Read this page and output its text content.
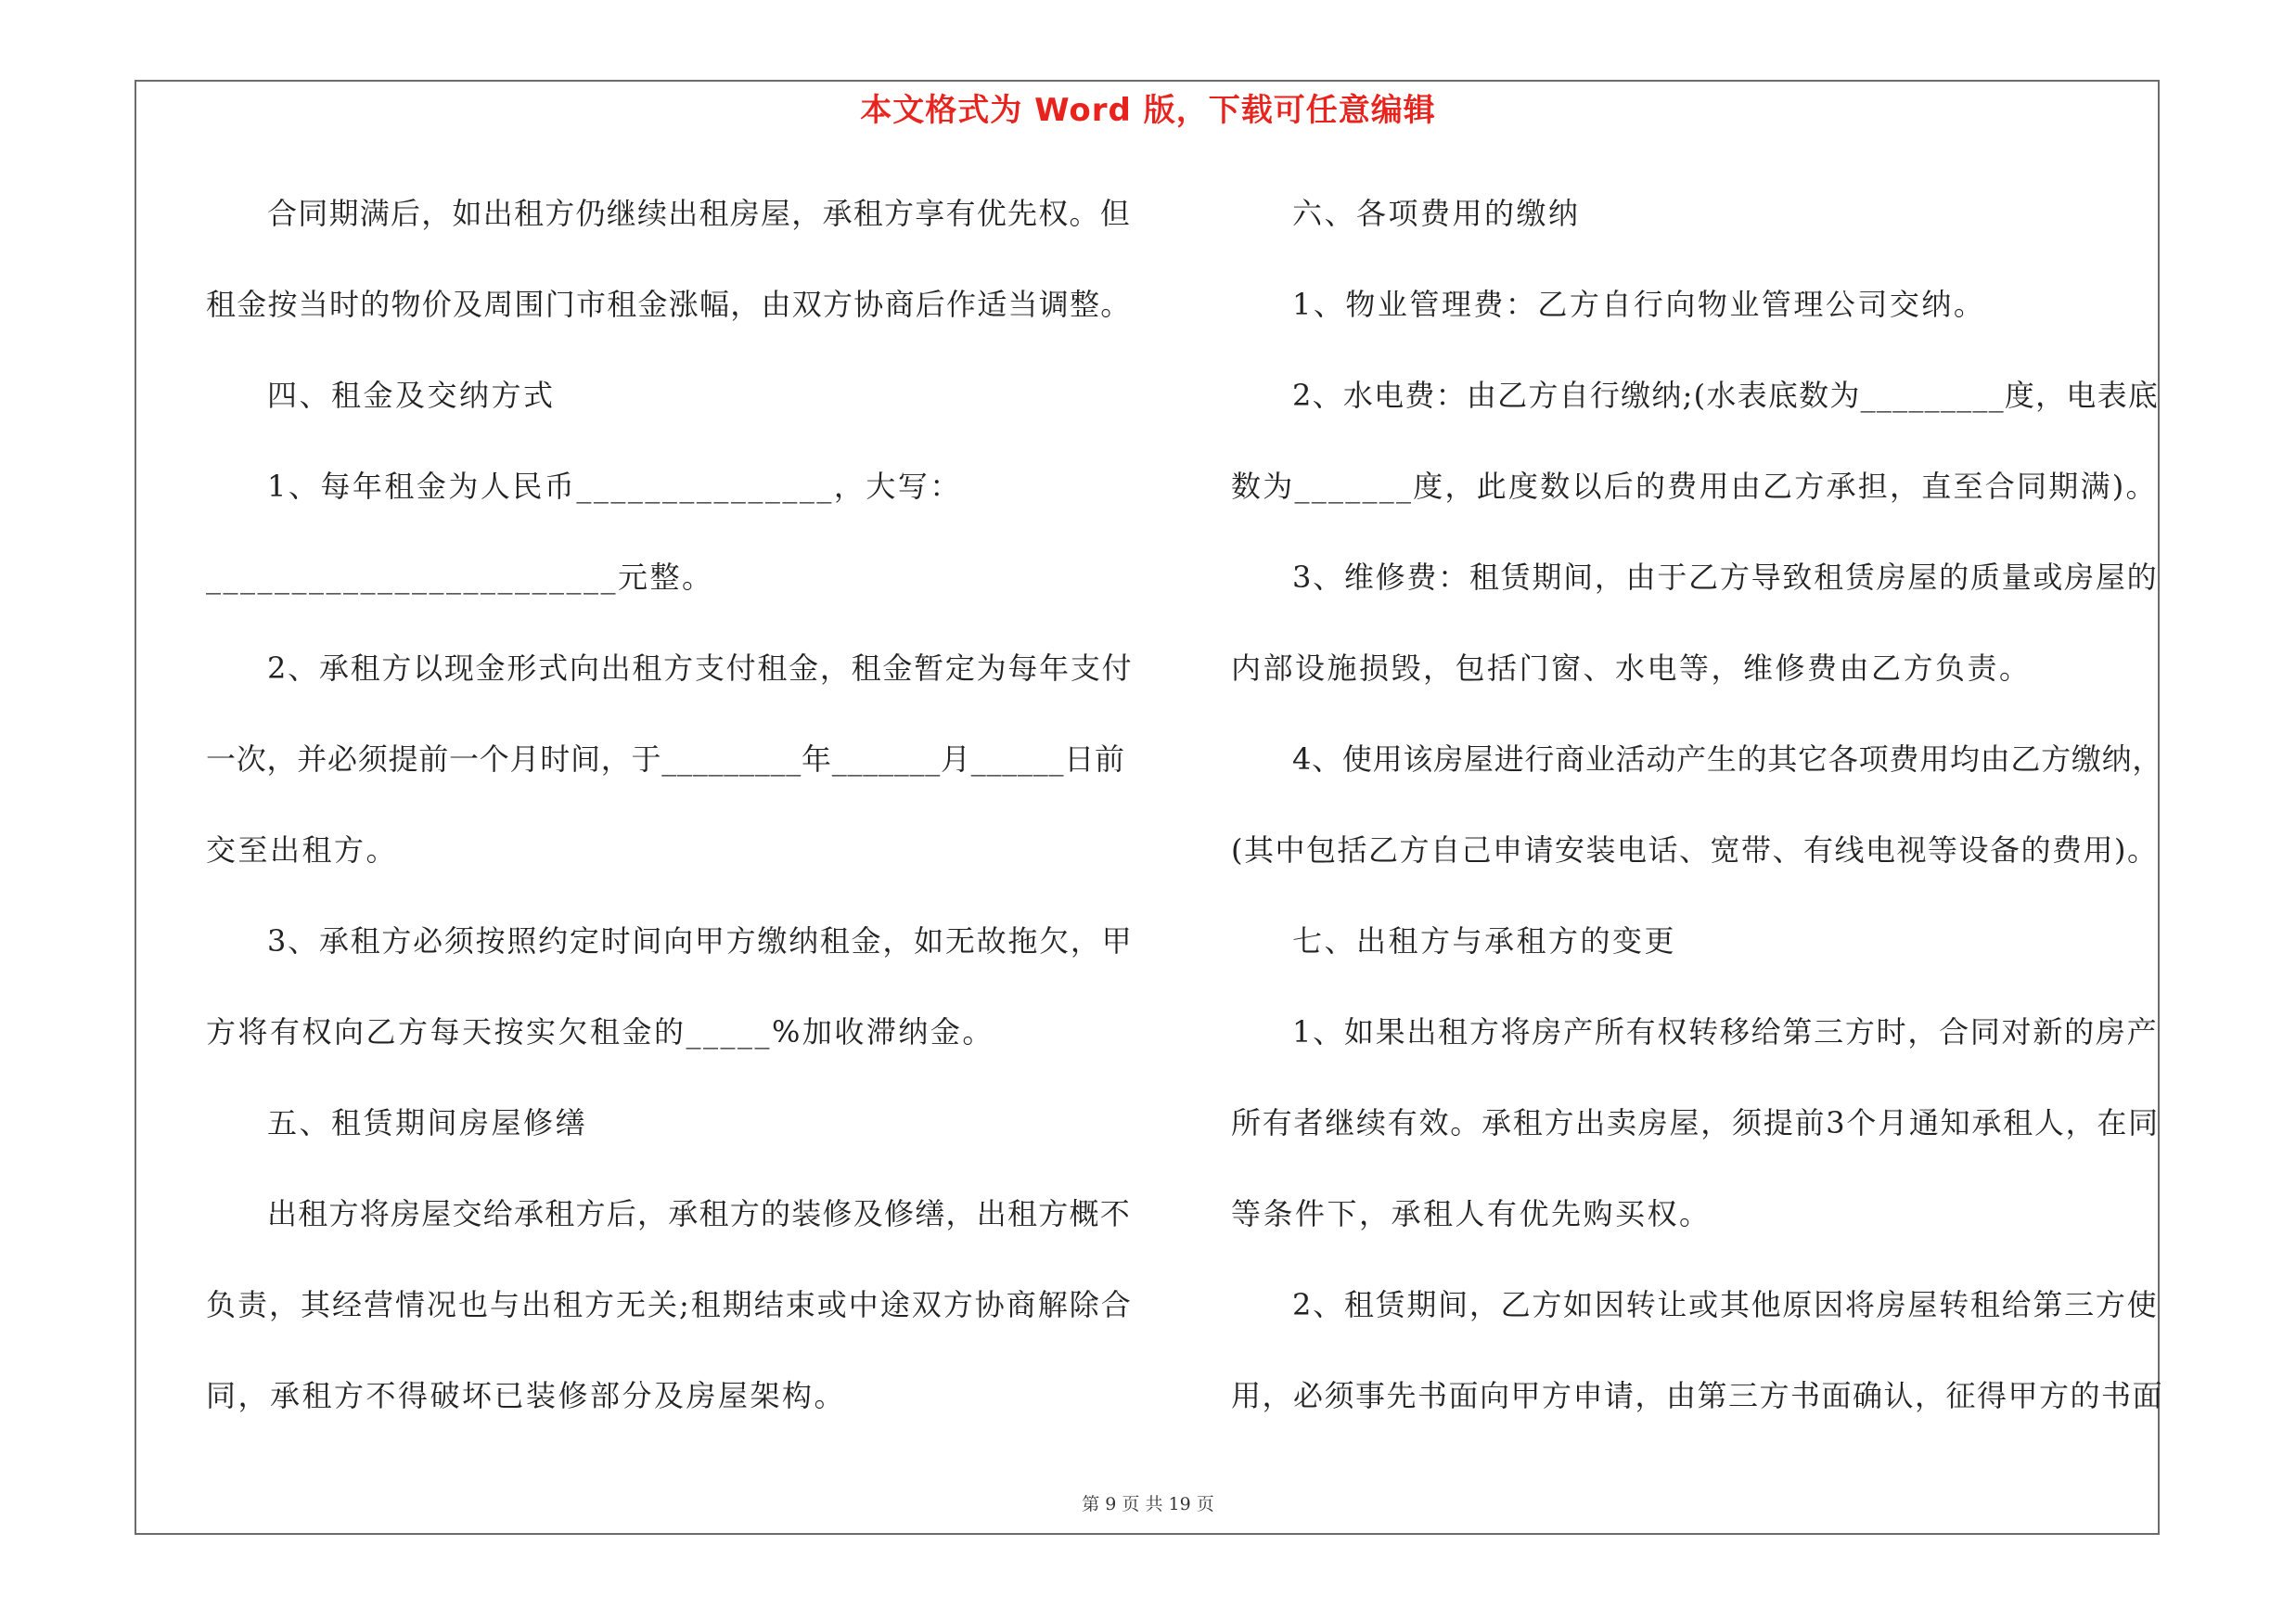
本文格式为 Word 版，下载可任意编辑
合同期满后，如出租方仍继续出租房屋，承租方享有优先权。但
租金按当时的物价及周围门市租金涨幅，由双方协商后作适当调整。
四、租金及交纳方式
1、每年租金为人民币_______________，大写：
________________________元整。
2、承租方以现金形式向出租方支付租金，租金暂定为每年支付
一次，并必须提前一个月时间，于_________年_______月______日前
交至出租方。
3、承租方必须按照约定时间向甲方缴纳租金，如无故拖欠，甲
方将有权向乙方每天按实欠租金的_____%加收滞纳金。
五、租赁期间房屋修缮
出租方将房屋交给承租方后，承租方的装修及修缮，出租方概不
负责，其经营情况也与出租方无关;租期结束或中途双方协商解除合
同，承租方不得破坏已装修部分及房屋架构。
六、各项费用的缴纳
1、物业管理费：乙方自行向物业管理公司交纳。
2、水电费：由乙方自行缴纳;(水表底数为_________度，电表底
数为_______度，此度数以后的费用由乙方承担，直至合同期满)。
3、维修费：租赁期间，由于乙方导致租赁房屋的质量或房屋的
内部设施损毁，包括门窗、水电等，维修费由乙方负责。
4、使用该房屋进行商业活动产生的其它各项费用均由乙方缴纳，
(其中包括乙方自己申请安装电话、宽带、有线电视等设备的费用)。
七、出租方与承租方的变更
1、如果出租方将房产所有权转移给第三方时，合同对新的房产
所有者继续有效。承租方出卖房屋，须提前3个月通知承租人，在同
等条件下，承租人有优先购买权。
2、租赁期间，乙方如因转让或其他原因将房屋转租给第三方使
用，必须事先书面向甲方申请，由第三方书面确认，征得甲方的书面
第 9 页 共 19 页
